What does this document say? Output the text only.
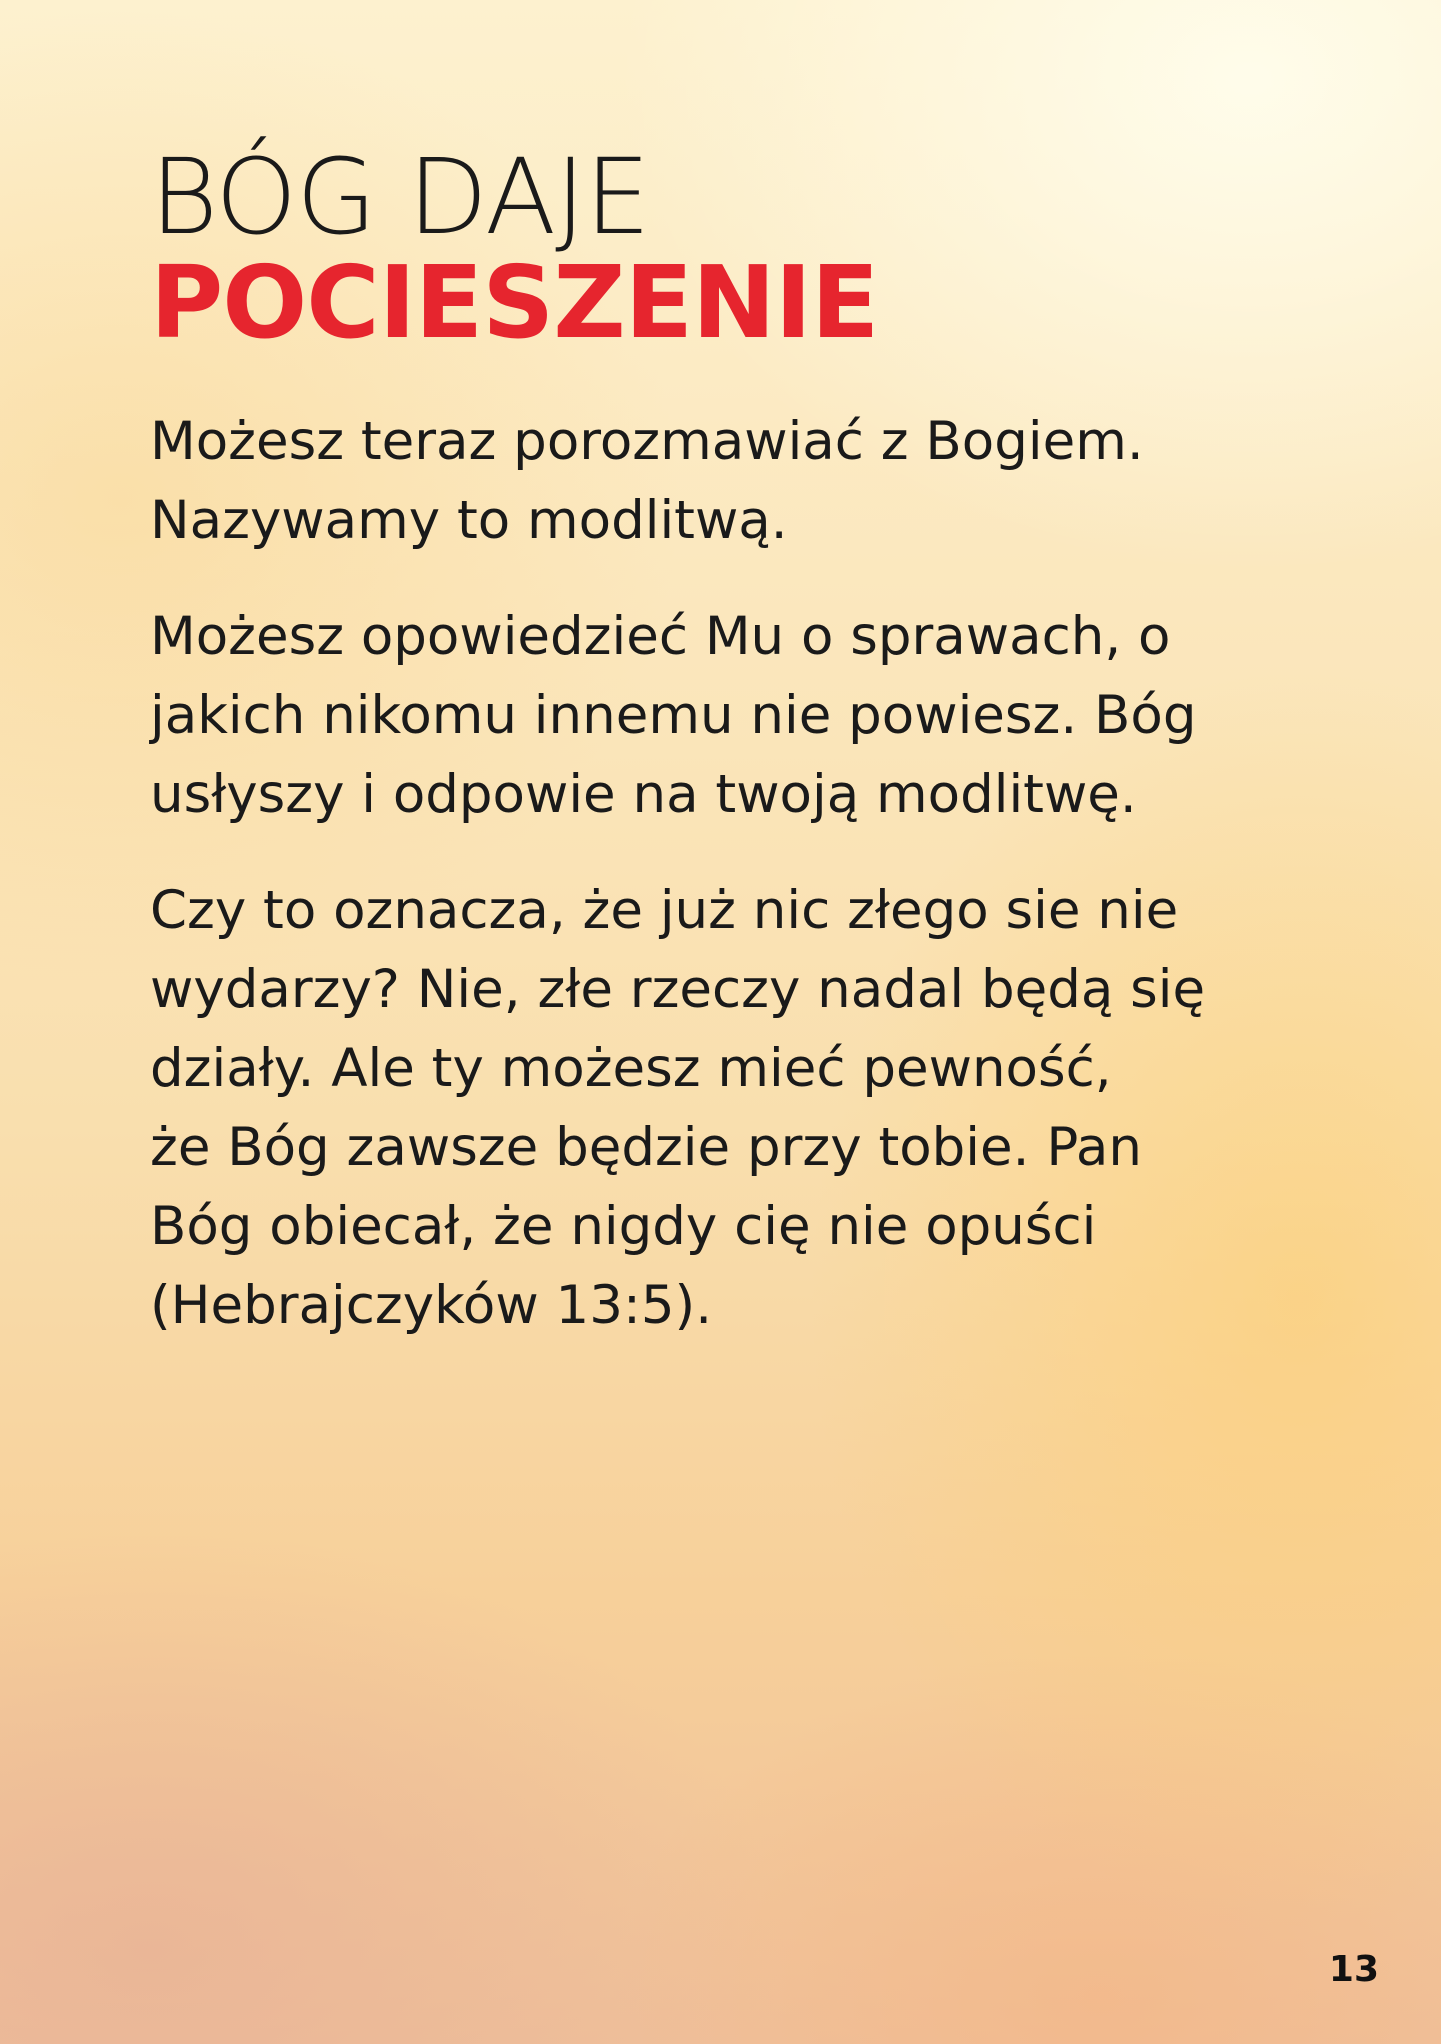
BÓG DAJE
POCIESZENIE

Możesz teraz porozmawiać z Bogiem.
Nazywamy to modlitwą.

Możesz opowiedzieć Mu o sprawach, o
jakich nikomu innemu nie powiesz. Bóg
usłyszy i odpowie na twoją modlitwę.

Czy to oznacza, że już nic złego sie nie
wydarzy? Nie, złe rzeczy nadal będą się
działy. Ale ty możesz mieć pewność,
że Bóg zawsze będzie przy tobie. Pan
Bóg obiecał, że nigdy cię nie opuści
(Hebrajczyków 13:5).

13
